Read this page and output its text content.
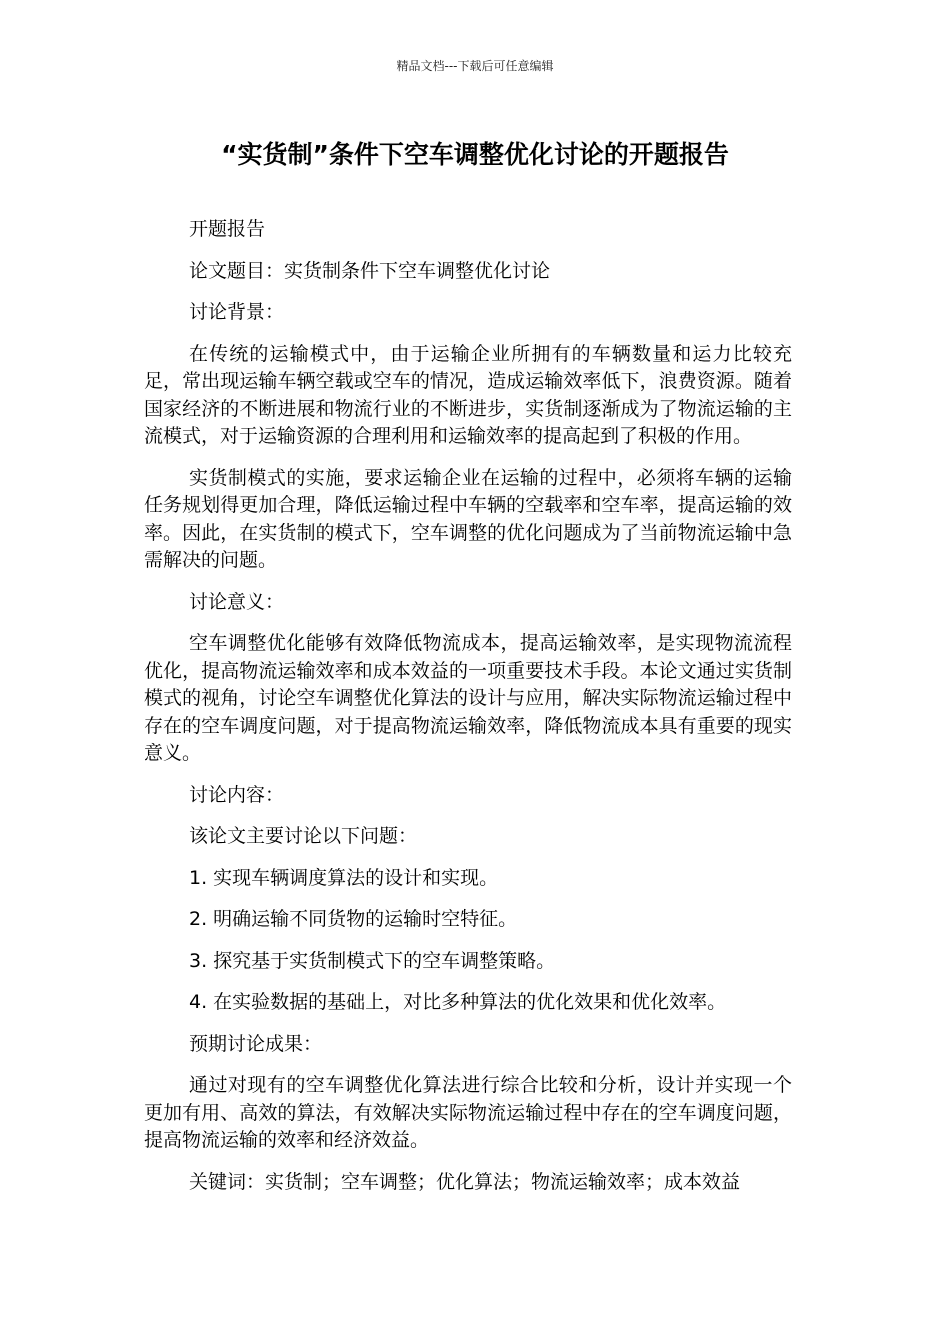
精品文档---下载后可任意编辑
“实货制”条件下空车调整优化讨论的开题报告

开题报告

论文题目：实货制条件下空车调整优化讨论

讨论背景：

在传统的运输模式中，由于运输企业所拥有的车辆数量和运力比较充足，常出现运输车辆空载或空车的情况，造成运输效率低下，浪费资源。随着国家经济的不断进展和物流行业的不断进步，实货制逐渐成为了物流运输的主流模式，对于运输资源的合理利用和运输效率的提高起到了积极的作用。

实货制模式的实施，要求运输企业在运输的过程中，必须将车辆的运输任务规划得更加合理，降低运输过程中车辆的空载率和空车率，提高运输的效率。因此，在实货制的模式下，空车调整的优化问题成为了当前物流运输中急需解决的问题。

讨论意义：

空车调整优化能够有效降低物流成本，提高运输效率，是实现物流流程优化，提高物流运输效率和成本效益的一项重要技术手段。本论文通过实货制模式的视角，讨论空车调整优化算法的设计与应用，解决实际物流运输过程中存在的空车调度问题，对于提高物流运输效率，降低物流成本具有重要的现实意义。

讨论内容：

该论文主要讨论以下问题：

1. 实现车辆调度算法的设计和实现。

2. 明确运输不同货物的运输时空特征。

3. 探究基于实货制模式下的空车调整策略。

4. 在实验数据的基础上，对比多种算法的优化效果和优化效率。

预期讨论成果：

通过对现有的空车调整优化算法进行综合比较和分析，设计并实现一个更加有用、高效的算法，有效解决实际物流运输过程中存在的空车调度问题，提高物流运输的效率和经济效益。

关键词：实货制；空车调整；优化算法；物流运输效率；成本效益
